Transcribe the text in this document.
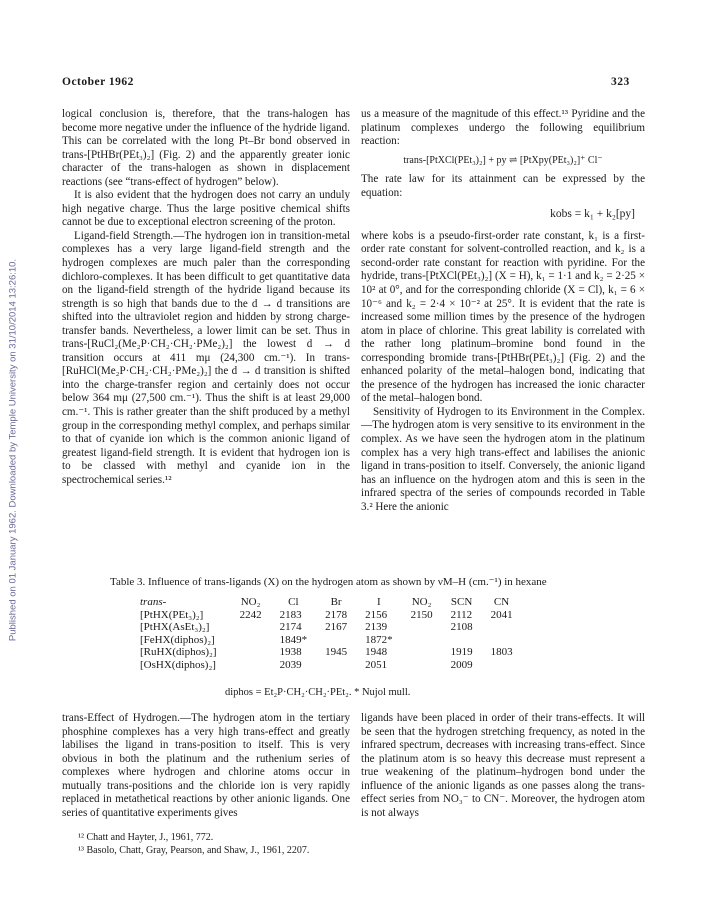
Published on 01 January 1962. Downloaded by Temple University on 31/10/2014 13:26:10.
October 1962	323

logical conclusion is, therefore, that the trans-halogen has become more negative under the influence of the hydride ligand. This can be correlated with the long Pt–Br bond observed in trans-[PtHBr(PEt₃)₂] (Fig. 2) and the apparently greater ionic character of the trans-halogen as shown in displacement reactions (see “trans-effect of hydrogen” below).

It is also evident that the hydrogen does not carry an unduly high negative charge. Thus the large positive chemical shifts cannot be due to exceptional electron screening of the proton.

Ligand-field Strength.—The hydrogen ion in transition-metal complexes has a very large ligand-field strength and the hydrogen complexes are much paler than the corresponding dichloro-complexes. It has been difficult to get quantitative data on the ligand-field strength of the hydride ligand because its strength is so high that bands due to the d → d transitions are shifted into the ultraviolet region and hidden by strong charge-transfer bands. Nevertheless, a lower limit can be set. Thus in trans-[RuCl₂(Me₂P·CH₂·CH₂·PMe₂)₂] the lowest d → d transition occurs at 411 mμ (24,300 cm.⁻¹). In trans-[RuHCl(Me₂P·CH₂·CH₂·PMe₂)₂] the d → d transition is shifted into the charge-transfer region and certainly does not occur below 364 mμ (27,500 cm.⁻¹). Thus the shift is at least 29,000 cm.⁻¹. This is rather greater than the shift produced by a methyl group in the corresponding methyl complex, and perhaps similar to that of cyanide ion which is the common anionic ligand of greatest ligand-field strength. It is evident that hydrogen ion is to be classed with methyl and cyanide ion in the spectrochemical series.¹²

us a measure of the magnitude of this effect.¹³ Pyridine and the platinum complexes undergo the following equilibrium reaction:

trans-[PtXCl(PEt₃)₂] + py ⇌ [PtXpy(PEt₃)₂]⁺ Cl⁻

The rate law for its attainment can be expressed by the equation:

kobs = k₁ + k₂[py]

where kobs is a pseudo-first-order rate constant, k₁ is a first-order rate constant for solvent-controlled reaction, and k₂ is a second-order rate constant for reaction with pyridine. For the hydride, trans-[PtXCl(PEt₃)₂] (X = H), k₁ = 1·1 and k₂ = 2·25 × 10² at 0°, and for the corresponding chloride (X = Cl), k₁ = 6 × 10⁻⁶ and k₂ = 2·4 × 10⁻² at 25°. It is evident that the rate is increased some million times by the presence of the hydrogen atom in place of chlorine. This great lability is correlated with the rather long platinum–bromine bond found in the corresponding bromide trans-[PtHBr(PEt₃)₂] (Fig. 2) and the enhanced polarity of the metal–halogen bond, indicating that the presence of the hydrogen has increased the ionic character of the metal–halogen bond.

Sensitivity of Hydrogen to its Environment in the Complex.—The hydrogen atom is very sensitive to its environment in the complex. As we have seen the hydrogen atom in the platinum complex has a very high trans-effect and labilises the anionic ligand in trans-position to itself. Conversely, the anionic ligand has an influence on the hydrogen atom and this is seen in the infrared spectra of the series of compounds recorded in Table 3.² Here the anionic

Table 3. Influence of trans-ligands (X) on the hydrogen atom as shown by νM–H (cm.⁻¹) in hexane
trans-	NO₂	Cl	Br	I	NO₂	SCN	CN
[PtHX(PEt₃)₂]	2242	2183	2178	2156	2150	2112	2041
[PtHX(AsEt₃)₂]		2174	2167	2139		2108	
[FeHX(diphos)₂]		1849*		1872*			
[RuHX(diphos)₂]		1938	1945	1948		1919	1803
[OsHX(diphos)₂]		2039		2051		2009	
diphos = Et₂P·CH₂·CH₂·PEt₂. * Nujol mull.

trans-Effect of Hydrogen.—The hydrogen atom in the tertiary phosphine complexes has a very high trans-effect and greatly labilises the ligand in trans-position to itself. This is very obvious in both the platinum and the ruthenium series of complexes where hydrogen and chlorine atoms occur in mutually trans-positions and the chloride ion is very rapidly replaced in metathetical reactions by other anionic ligands. One series of quantitative experiments gives

ligands have been placed in order of their trans-effects. It will be seen that the hydrogen stretching frequency, as noted in the infrared spectrum, decreases with increasing trans-effect. Since the platinum atom is so heavy this decrease must represent a true weakening of the platinum–hydrogen bond under the influence of the anionic ligands as one passes along the trans-effect series from NO₃⁻ to CN⁻. Moreover, the hydrogen atom is not always

¹² Chatt and Hayter, J., 1961, 772.
¹³ Basolo, Chatt, Gray, Pearson, and Shaw, J., 1961, 2207.
